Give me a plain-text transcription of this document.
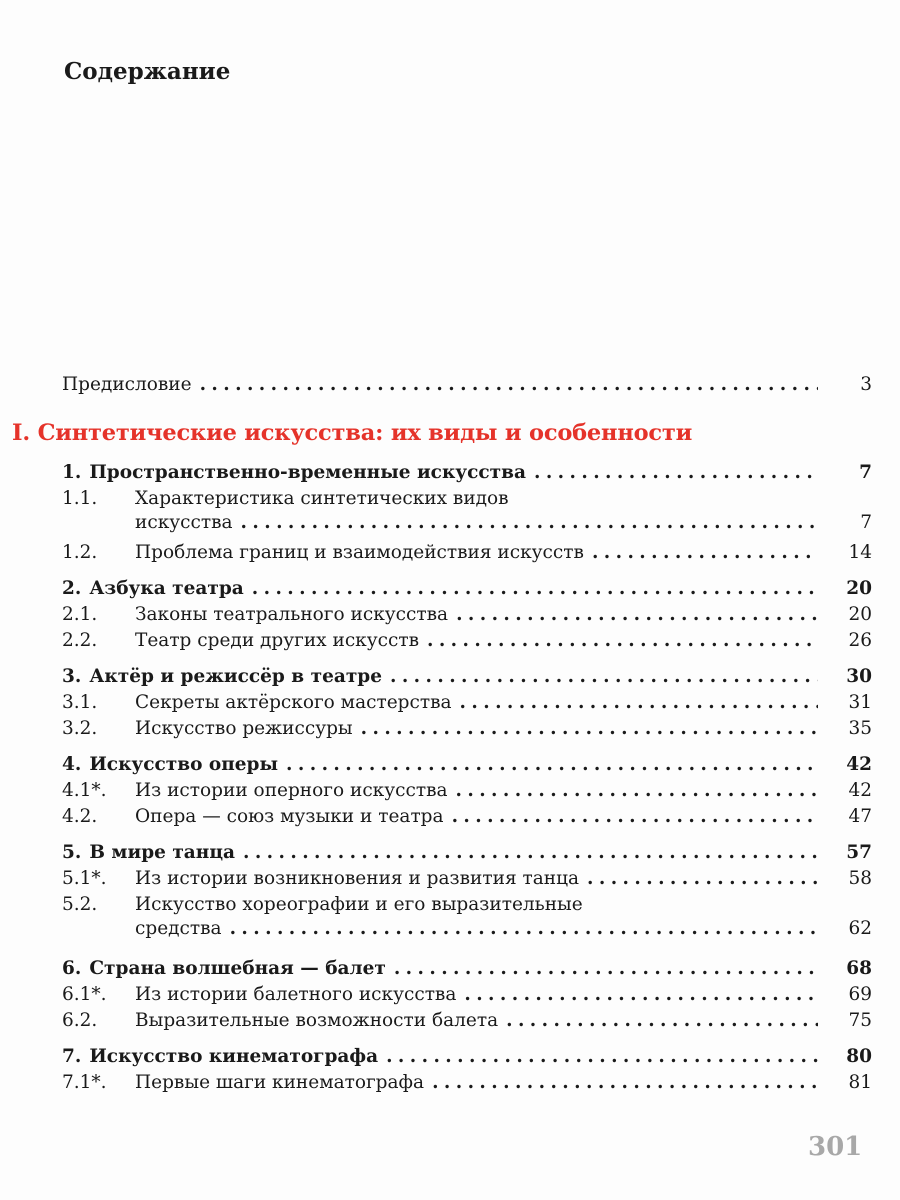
Содержание
Предисловие .....	3
I. Синтетические искусства: их виды и особенности
1. Пространственно-временные искусства .....	7
1.1.	Характеристика синтетических видов
искусства .....	7
1.2.	Проблема границ и взаимодействия искусств .....	14
2. Азбука театра .....	20
2.1.	Законы театрального искусства .....	20
2.2.	Театр среди других искусств .....	26
3. Актёр и режиссёр в театре .....	30
3.1.	Секреты актёрского мастерства .....	31
3.2.	Искусство режиссуры .....	35
4. Искусство оперы .....	42
4.1*.	Из истории оперного искусства .....	42
4.2.	Опера — союз музыки и театра .....	47
5. В мире танца .....	57
5.1*.	Из истории возникновения и развития танца .....	58
5.2.	Искусство хореографии и его выразительные
средства .....	62
6. Страна волшебная — балет .....	68
6.1*.	Из истории балетного искусства .....	69
6.2.	Выразительные возможности балета .....	75
7. Искусство кинематографа .....	80
7.1*.	Первые шаги кинематографа .....	81
301
